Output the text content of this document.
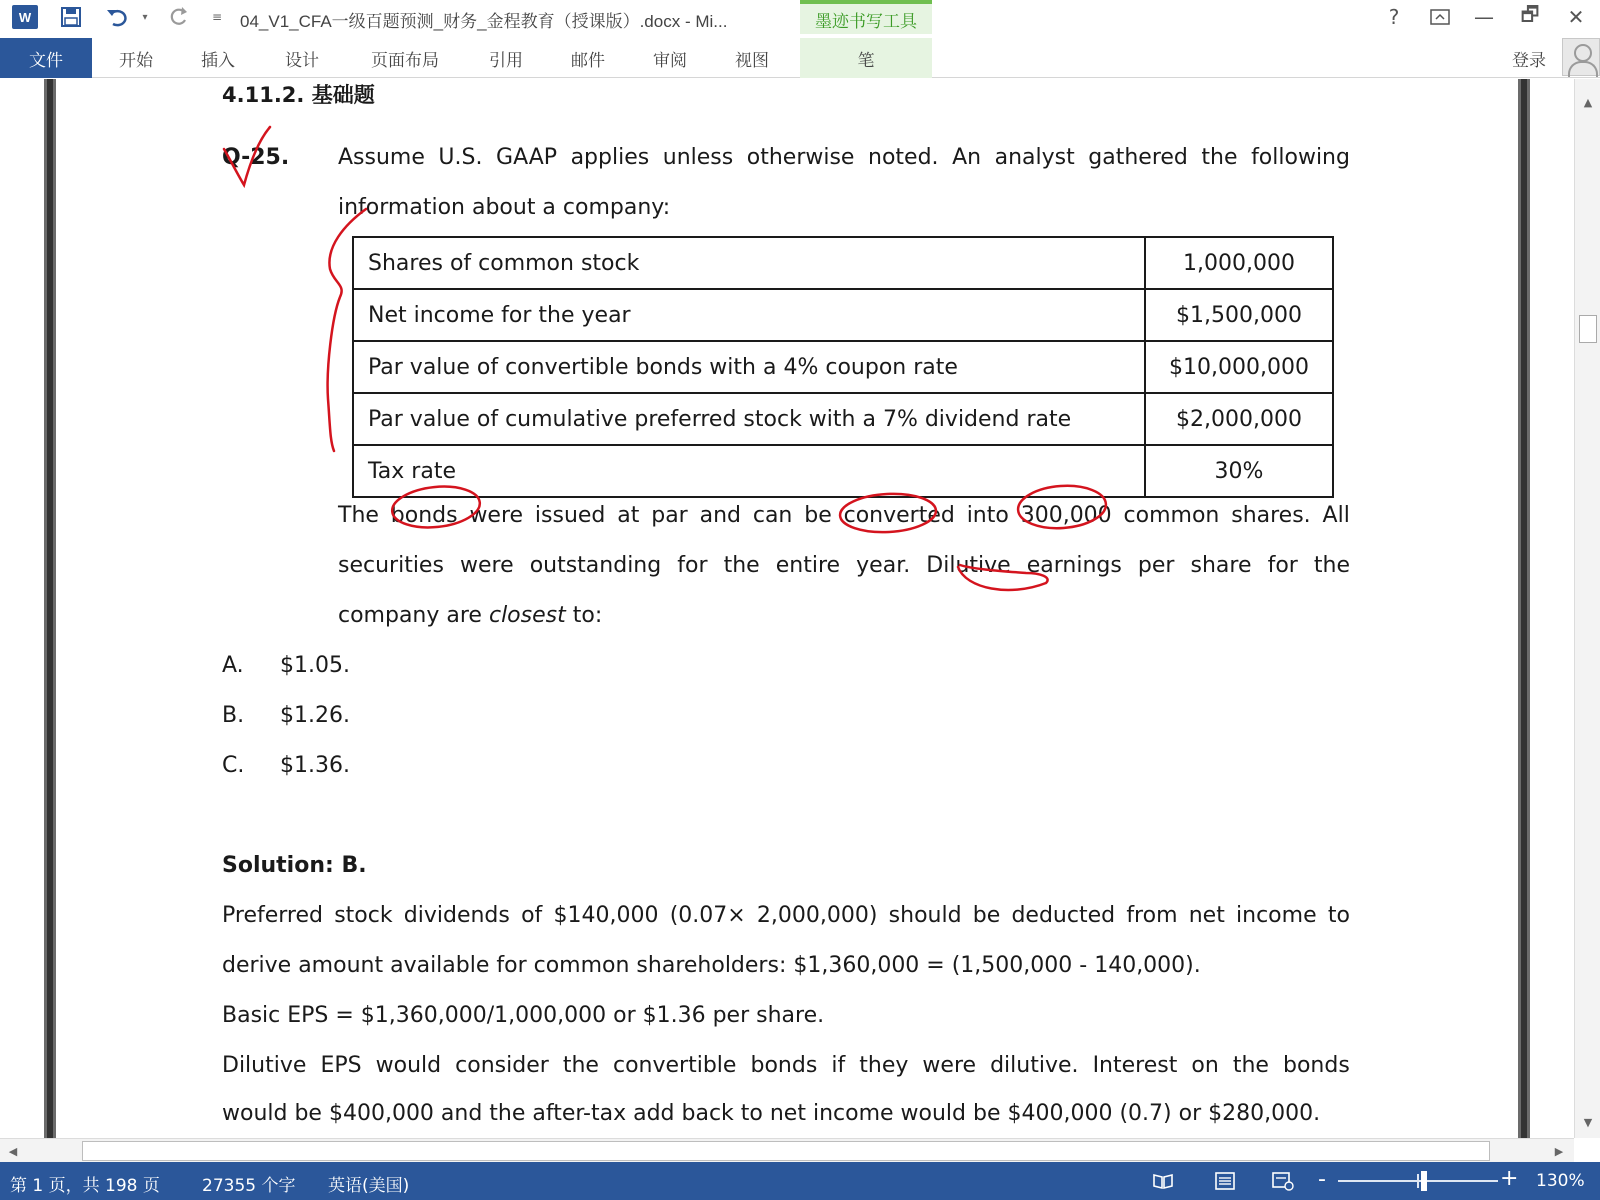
W	▾	≡	04_V1_CFA一级百题预测_财务_金程教育（授课版）.docx - Mi...	墨迹书写工具	?	— 🗗 ✕
文件	开始	插入	设计	页面布局	引用	邮件	审阅	视图	笔	登录
4.11.2. 基础题
Q-25. Assume U.S. GAAP applies unless otherwise noted. An analyst gathered the following
information about a company:
Shares of common stock	1,000,000
Net income for the year	$1,500,000
Par value of convertible bonds with a 4% coupon rate	$10,000,000
Par value of cumulative preferred stock with a 7% dividend rate	$2,000,000
Tax rate	30%
The bonds were issued at par and can be converted into 300,000 common shares. All
securities were outstanding for the entire year. Dilutive earnings per share for the
company are closest to:
A. $1.05.
B. $1.26.
C. $1.36.
Solution: B.
Preferred stock dividends of $140,000 (0.07× 2,000,000) should be deducted from net income to
derive amount available for common shareholders: $1,360,000 = (1,500,000 - 140,000).
Basic EPS = $1,360,000/1,000,000 or $1.36 per share.
Dilutive EPS would consider the convertible bonds if they were dilutive. Interest on the bonds
would be $400,000 and the after-tax add back to net income would be $400,000 (0.7) or $280,000.
▲
▼
◀	▶
第 1 页，共 198 页 27355 个字 英语(美国)	-	+ 130%
